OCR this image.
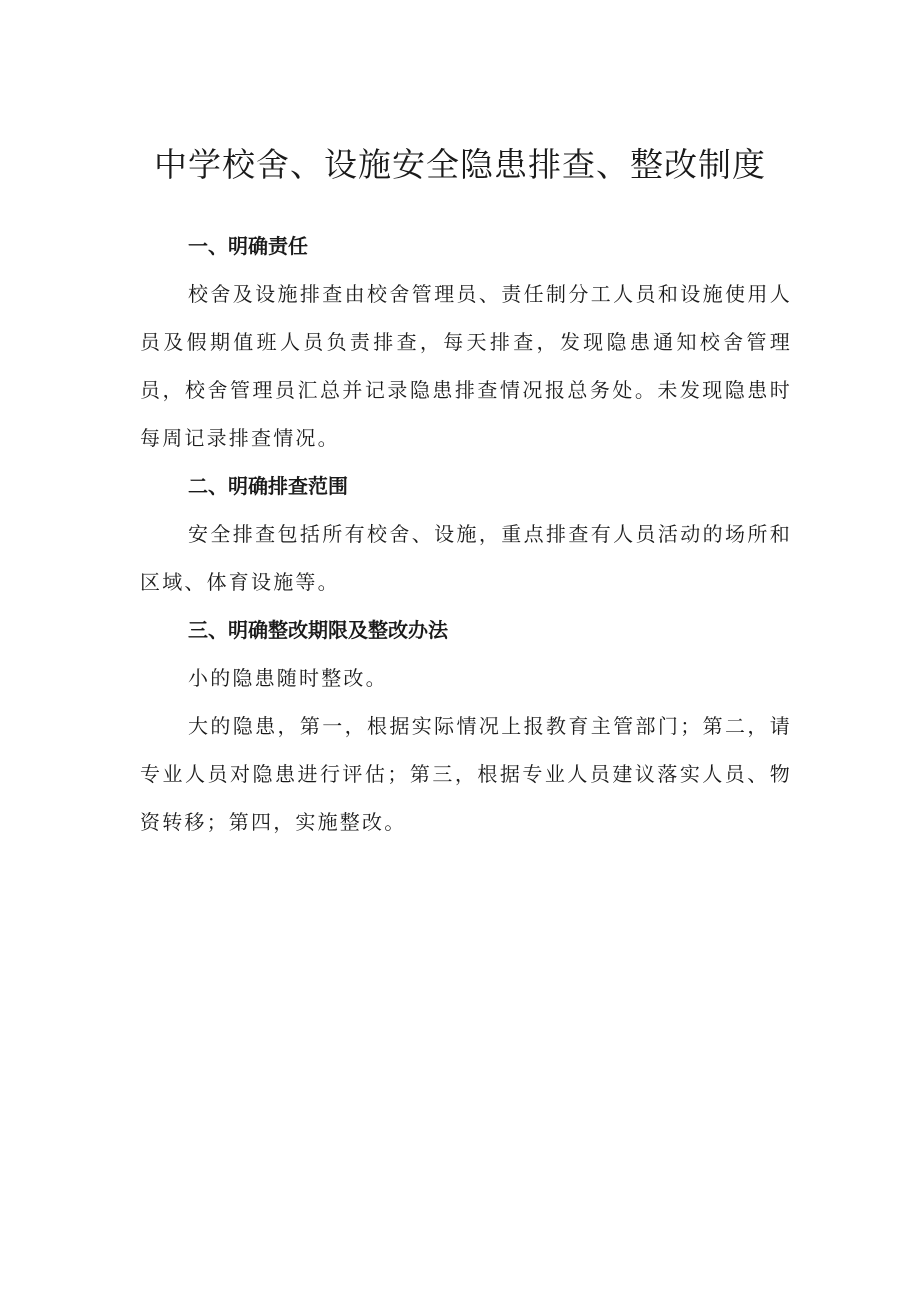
中学校舍、设施安全隐患排查、整改制度
一、明确责任

校舍及设施排查由校舍管理员、责任制分工人员和设施使用人员及假期值班人员负责排查，每天排查，发现隐患通知校舍管理员，校舍管理员汇总并记录隐患排查情况报总务处。未发现隐患时每周记录排查情况。

二、明确排查范围

安全排查包括所有校舍、设施，重点排查有人员活动的场所和区域、体育设施等。

三、明确整改期限及整改办法

小的隐患随时整改。

大的隐患，第一，根据实际情况上报教育主管部门；第二，请专业人员对隐患进行评估；第三，根据专业人员建议落实人员、物资转移；第四，实施整改。
